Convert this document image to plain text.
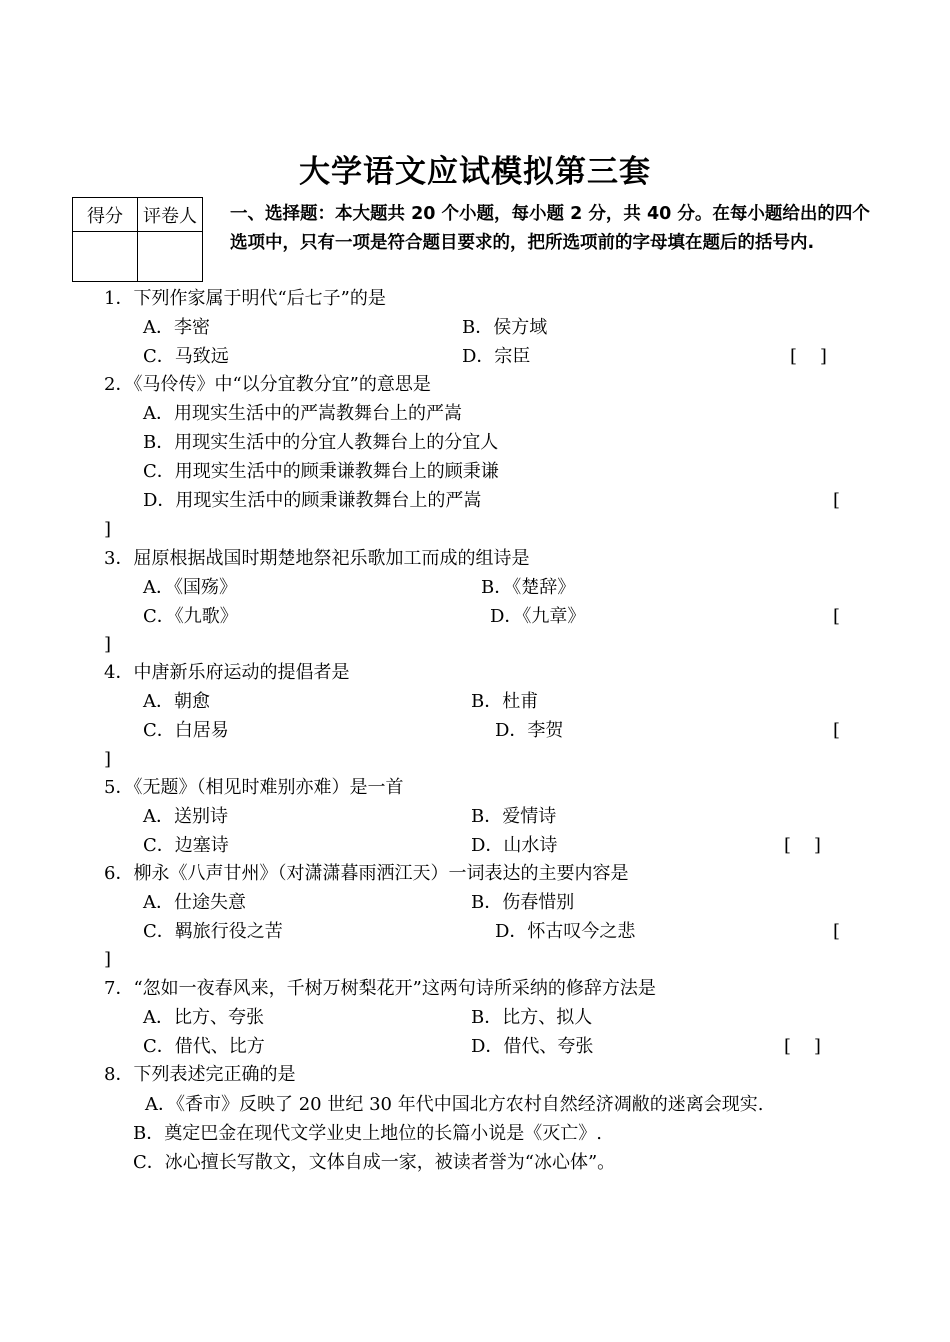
大学语文应试模拟第三套
得分	评卷人
	一、选择题：本大题共 20 个小题，每小题 2 分，共 40 分。在每小题给出的四个选项中，只有一项是符合题目要求的，把所选项前的字母填在题后的括号内.
1．下列作家属于明代“后七子”的是
A．李密	B．侯方域
C．马致远	D．宗臣	[    ]
2．《马伶传》中“以分宜教分宜”的意思是
A．用现实生活中的严嵩教舞台上的严嵩
B．用现实生活中的分宜人教舞台上的分宜人
C．用现实生活中的顾秉谦教舞台上的顾秉谦
D．用现实生活中的顾秉谦教舞台上的严嵩	[
]
3．屈原根据战国时期楚地祭祀乐歌加工而成的组诗是
A．《国殇》	B．《楚辞》
C．《九歌》	D．《九章》	[
]
4．中唐新乐府运动的提倡者是
A．朝愈	B．杜甫
C．白居易	D．李贺	[
]
5．《无题》（相见时难别亦难）是一首
A．送别诗	B．爱情诗
C．边塞诗	D．山水诗	[    ]
6．柳永《八声甘州》（对潇潇暮雨洒江天）一词表达的主要内容是
A．仕途失意	B．伤春惜别
C．羁旅行役之苦	D．怀古叹今之悲	[
]
7．“忽如一夜春风来，千树万树梨花开”这两句诗所采纳的修辞方法是
A．比方、夸张	B．比方、拟人
C．借代、比方	D．借代、夸张	[    ]
8．下列表述完正确的是
A．《香市》反映了 20 世纪 30 年代中国北方农村自然经济凋敝的迷离会现实.
B．奠定巴金在现代文学业史上地位的长篇小说是《灭亡》.
C．冰心擅长写散文，文体自成一家，被读者誉为“冰心体”。
